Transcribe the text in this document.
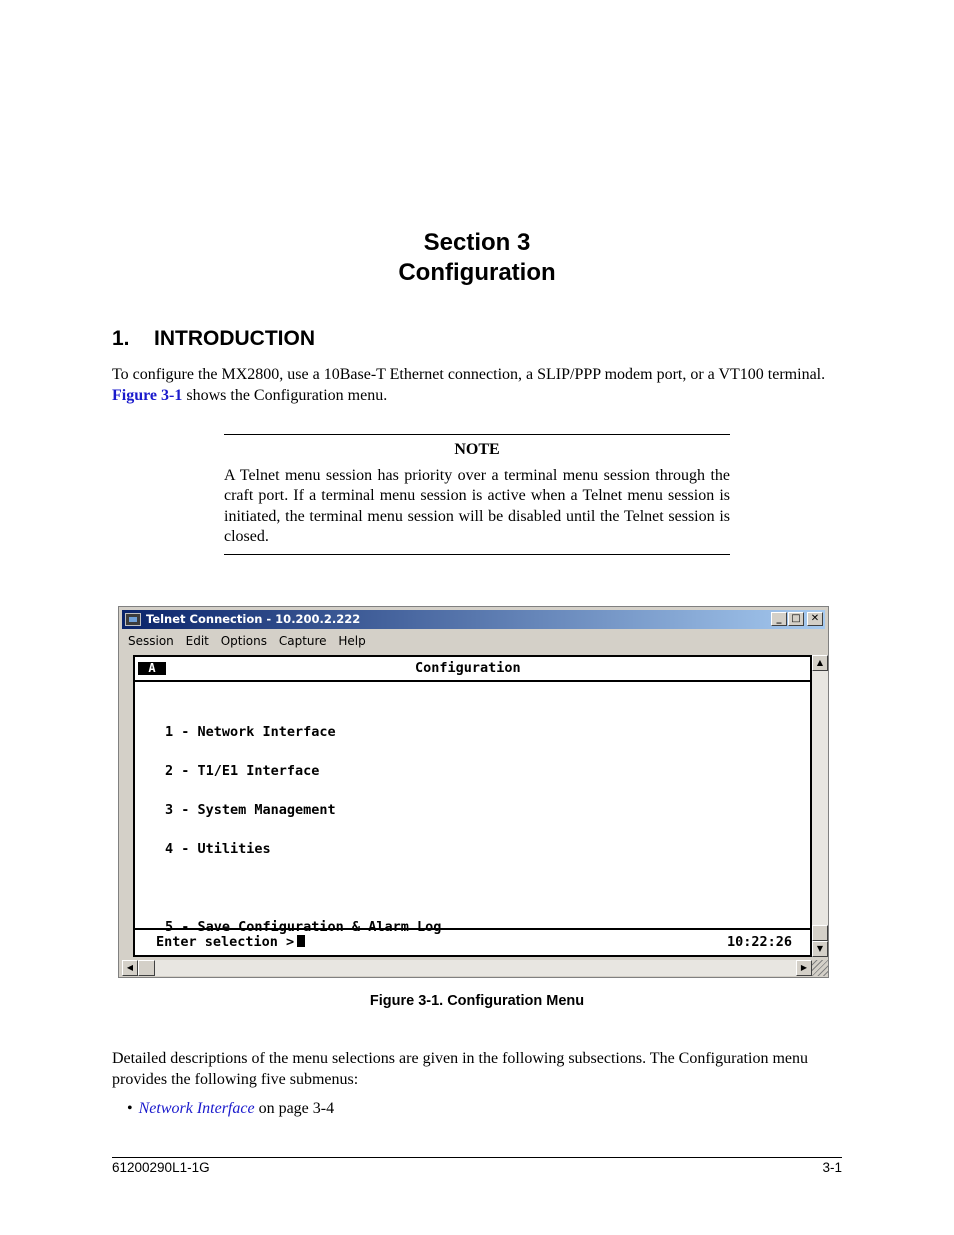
Section 3
Configuration
1. INTRODUCTION
To configure the MX2800, use a 10Base-T Ethernet connection, a SLIP/PPP modem port, or a VT100 terminal. Figure 3-1 shows the Configuration menu.
NOTE
A Telnet menu session has priority over a terminal menu session through the craft port. If a terminal menu session is active when a Telnet menu session is initiated, the terminal menu session will be disabled until the Telnet session is closed.
Telnet Connection - 10.200.2.222	_ □	✕
Session Edit Options Capture Help
A	Configuration

1 - Network Interface

2 - T1/E1 Interface

3 - System Management

4 - Utilities

5 - Save Configuration & Alarm Log

Enter selection >	10:22:26
▲
▼
◀	▶
Figure 3-1. Configuration Menu
Detailed descriptions of the menu selections are given in the following subsections. The Configuration menu provides the following five submenus:
• Network Interface on page 3-4
61200290L1-1G	3-1
